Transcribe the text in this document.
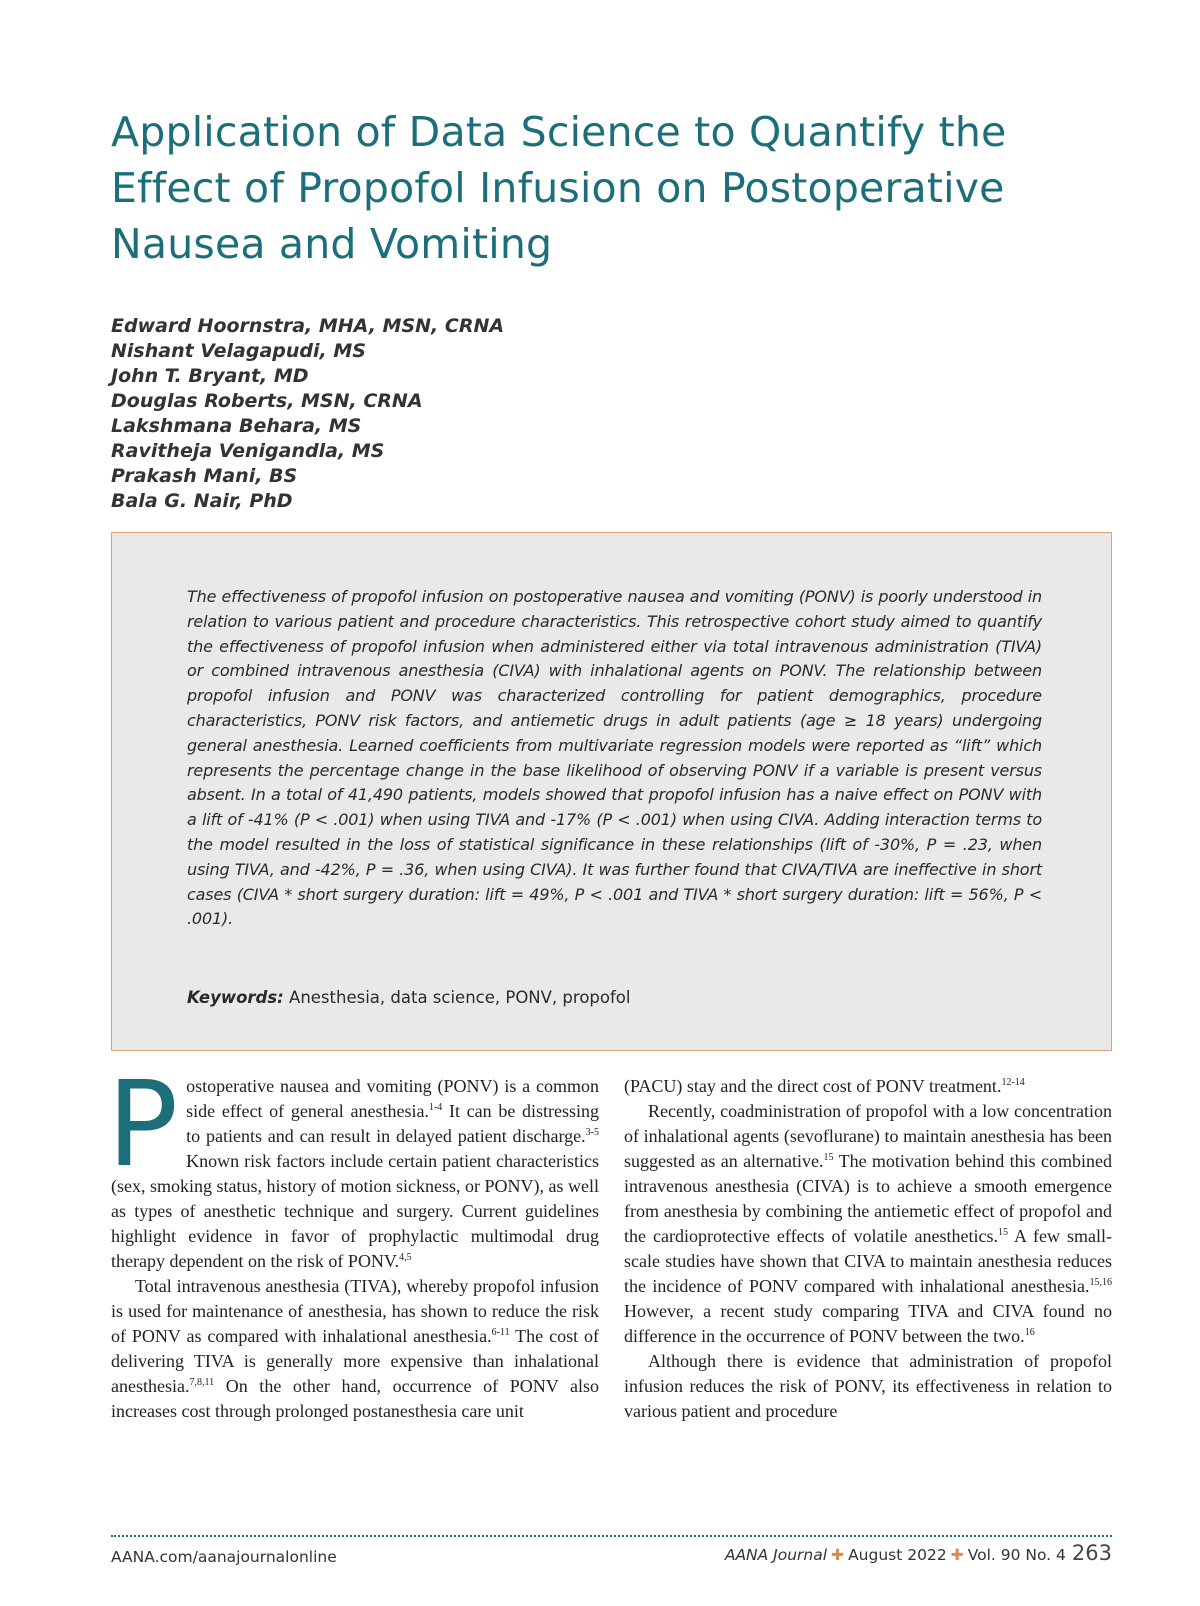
Application of Data Science to Quantify the
Effect of Propofol Infusion on Postoperative
Nausea and Vomiting
Edward Hoornstra, MHA, MSN, CRNA
Nishant Velagapudi, MS
John T. Bryant, MD
Douglas Roberts, MSN, CRNA
Lakshmana Behara, MS
Ravitheja Venigandla, MS
Prakash Mani, BS
Bala G. Nair, PhD
The effectiveness of propofol infusion on postoperative nausea and vomiting (PONV) is poorly understood in relation to various patient and procedure characteristics. This retrospective cohort study aimed to quantify the effectiveness of propofol infusion when administered either via total intravenous administration (TIVA) or combined intravenous anesthesia (CIVA) with inhalational agents on PONV. The relationship between propofol infusion and PONV was characterized controlling for patient demographics, procedure characteristics, PONV risk factors, and antiemetic drugs in adult patients (age ≥ 18 years) undergoing general anesthesia. Learned coefficients from multivariate regression models were reported as “lift” which represents the percentage change in the base likelihood of observing PONV if a variable is present versus absent. In a total of 41,490 patients, models showed that propofol infusion has a naive effect on PONV with a lift of -41% (P < .001) when using TIVA and -17% (P < .001) when using CIVA. Adding interaction terms to the model resulted in the loss of statistical significance in these relationships (lift of -30%, P = .23, when using TIVA, and -42%, P = .36, when using CIVA). It was further found that CIVA/TIVA are ineffective in short cases (CIVA * short surgery duration: lift = 49%, P < .001 and TIVA * short surgery duration: lift = 56%, P < .001).
Keywords: Anesthesia, data science, PONV, propofol

Postoperative nausea and vomiting (PONV) is a common side effect of general anesthesia.$^{1-4}$ It can be distressing to patients and can result in delayed patient discharge.$^{3-5}$ Known risk factors include certain patient characteristics (sex, smoking status, history of motion sickness, or PONV), as well as types of anesthetic technique and surgery. Current guidelines highlight evidence in favor of prophylactic multimodal drug therapy dependent on the risk of PONV.$^{4,5}$

Total intravenous anesthesia (TIVA), whereby propofol infusion is used for maintenance of anesthesia, has shown to reduce the risk of PONV as compared with inhalational anesthesia.$^{6-11}$ The cost of delivering TIVA is generally more expensive than inhalational anesthesia.$^{7,8,11}$ On the other hand, occurrence of PONV also increases cost through prolonged postanesthesia care unit

(PACU) stay and the direct cost of PONV treatment.$^{12-14}$

Recently, coadministration of propofol with a low concentration of inhalational agents (sevoflurane) to maintain anesthesia has been suggested as an alternative.$^{15}$ The motivation behind this combined intravenous anesthesia (CIVA) is to achieve a smooth emergence from anesthesia by combining the antiemetic effect of propofol and the cardioprotective effects of volatile anesthetics.$^{15}$ A few small-scale studies have shown that CIVA to maintain anesthesia reduces the incidence of PONV compared with inhalational anesthesia.$^{15,16}$ However, a recent study comparing TIVA and CIVA found no difference in the occurrence of PONV between the two.$^{16}$

Although there is evidence that administration of propofol infusion reduces the risk of PONV, its effectiveness in relation to various patient and procedure

AANA.com/aanajournalonline	AANA Journal ✚ August 2022 ✚ Vol. 90 No. 4 263
